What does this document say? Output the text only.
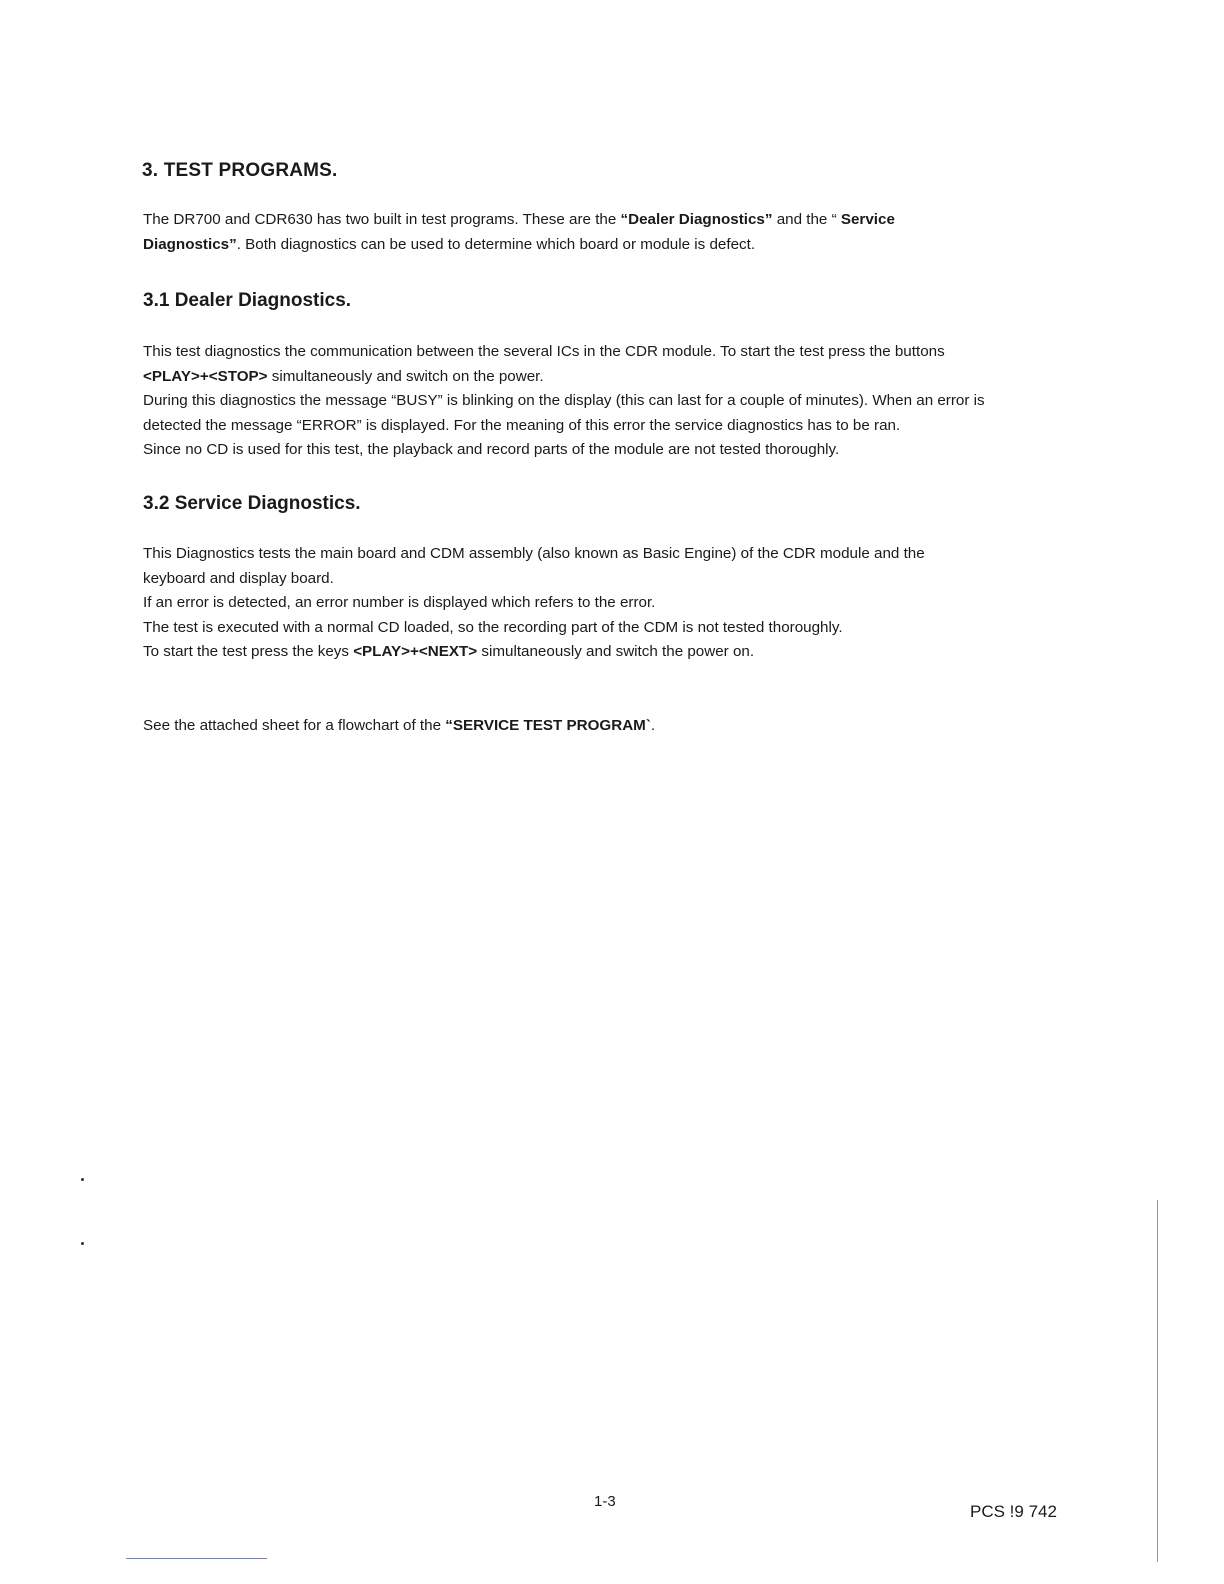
3. TEST PROGRAMS.

The DR700 and CDR630 has two built in test programs. These are the “Dealer Diagnostics” and the “ Service
Diagnostics”. Both diagnostics can be used to determine which board or module is defect.

3.1 Dealer Diagnostics.

This test diagnostics the communication between the several ICs in the CDR module. To start the test press the buttons
<PLAY>+<STOP> simultaneously and switch on the power.
During this diagnostics the message “BUSY” is blinking on the display (this can last for a couple of minutes). When an error is
detected the message “ERROR” is displayed. For the meaning of this error the service diagnostics has to be ran.
Since no CD is used for this test, the playback and record parts of the module are not tested thoroughly.

3.2 Service Diagnostics.

This Diagnostics tests the main board and CDM assembly (also known as Basic Engine) of the CDR module and the
keyboard and display board.
If an error is detected, an error number is displayed which refers to the error.
The test is executed with a normal CD loaded, so the recording part of the CDM is not tested thoroughly.
To start the test press the keys <PLAY>+<NEXT> simultaneously and switch the power on.

See the attached sheet for a flowchart of the “SERVICE TEST PROGRAM`.

1-3
PCS !9 742
